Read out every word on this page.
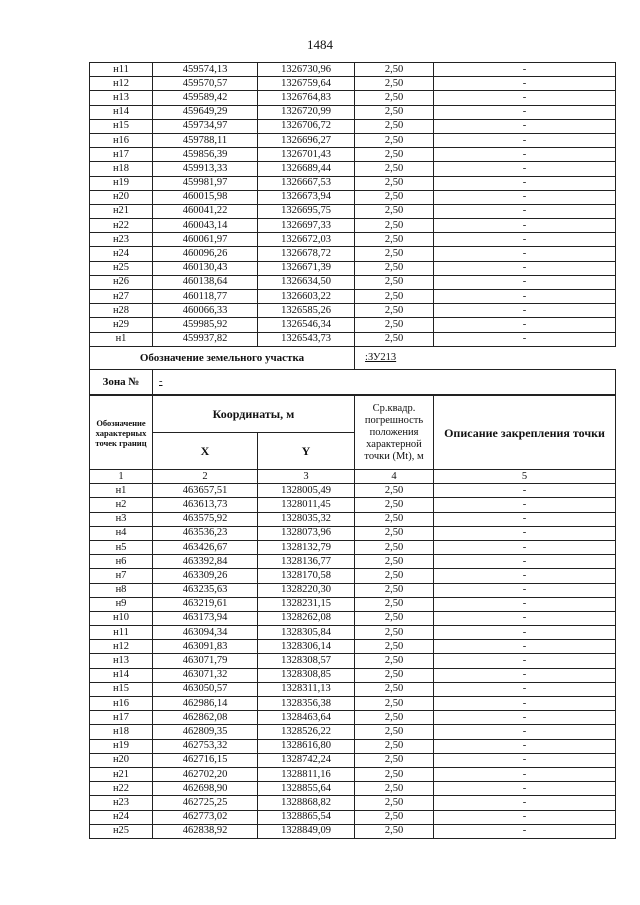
1484
н11	459574,13	1326730,96	2,50	-
н12	459570,57	1326759,64	2,50	-
н13	459589,42	1326764,83	2,50	-
н14	459649,29	1326720,99	2,50	-
н15	459734,97	1326706,72	2,50	-
н16	459788,11	1326696,27	2,50	-
н17	459856,39	1326701,43	2,50	-
н18	459913,33	1326689,44	2,50	-
н19	459981,97	1326667,53	2,50	-
н20	460015,98	1326673,94	2,50	-
н21	460041,22	1326695,75	2,50	-
н22	460043,14	1326697,33	2,50	-
н23	460061,97	1326672,03	2,50	-
н24	460096,26	1326678,72	2,50	-
н25	460130,43	1326671,39	2,50	-
н26	460138,64	1326634,50	2,50	-
н27	460118,77	1326603,22	2,50	-
н28	460066,33	1326585,26	2,50	-
н29	459985,92	1326546,34	2,50	-
н1	459937,82	1326543,73	2,50	-
Обозначение земельного участка		:ЗУ213
Зона №	-	
Обозначение характерных точек границ	Координаты, м		Ср.квадр. погрешность положения характерной точки (Mt), м	Описание закрепления точки
	X	Y		
1	2	3	4	5
н1	463657,51	1328005,49	2,50	-
н2	463613,73	1328011,45	2,50	-
н3	463575,92	1328035,32	2,50	-
н4	463536,23	1328073,96	2,50	-
н5	463426,67	1328132,79	2,50	-
н6	463392,84	1328136,77	2,50	-
н7	463309,26	1328170,58	2,50	-
н8	463235,63	1328220,30	2,50	-
н9	463219,61	1328231,15	2,50	-
н10	463173,94	1328262,08	2,50	-
н11	463094,34	1328305,84	2,50	-
н12	463091,83	1328306,14	2,50	-
н13	463071,79	1328308,57	2,50	-
н14	463071,32	1328308,85	2,50	-
н15	463050,57	1328311,13	2,50	-
н16	462986,14	1328356,38	2,50	-
н17	462862,08	1328463,64	2,50	-
н18	462809,35	1328526,22	2,50	-
н19	462753,32	1328616,80	2,50	-
н20	462716,15	1328742,24	2,50	-
н21	462702,20	1328811,16	2,50	-
н22	462698,90	1328855,64	2,50	-
н23	462725,25	1328868,82	2,50	-
н24	462773,02	1328865,54	2,50	-
н25	462838,92	1328849,09	2,50	-
